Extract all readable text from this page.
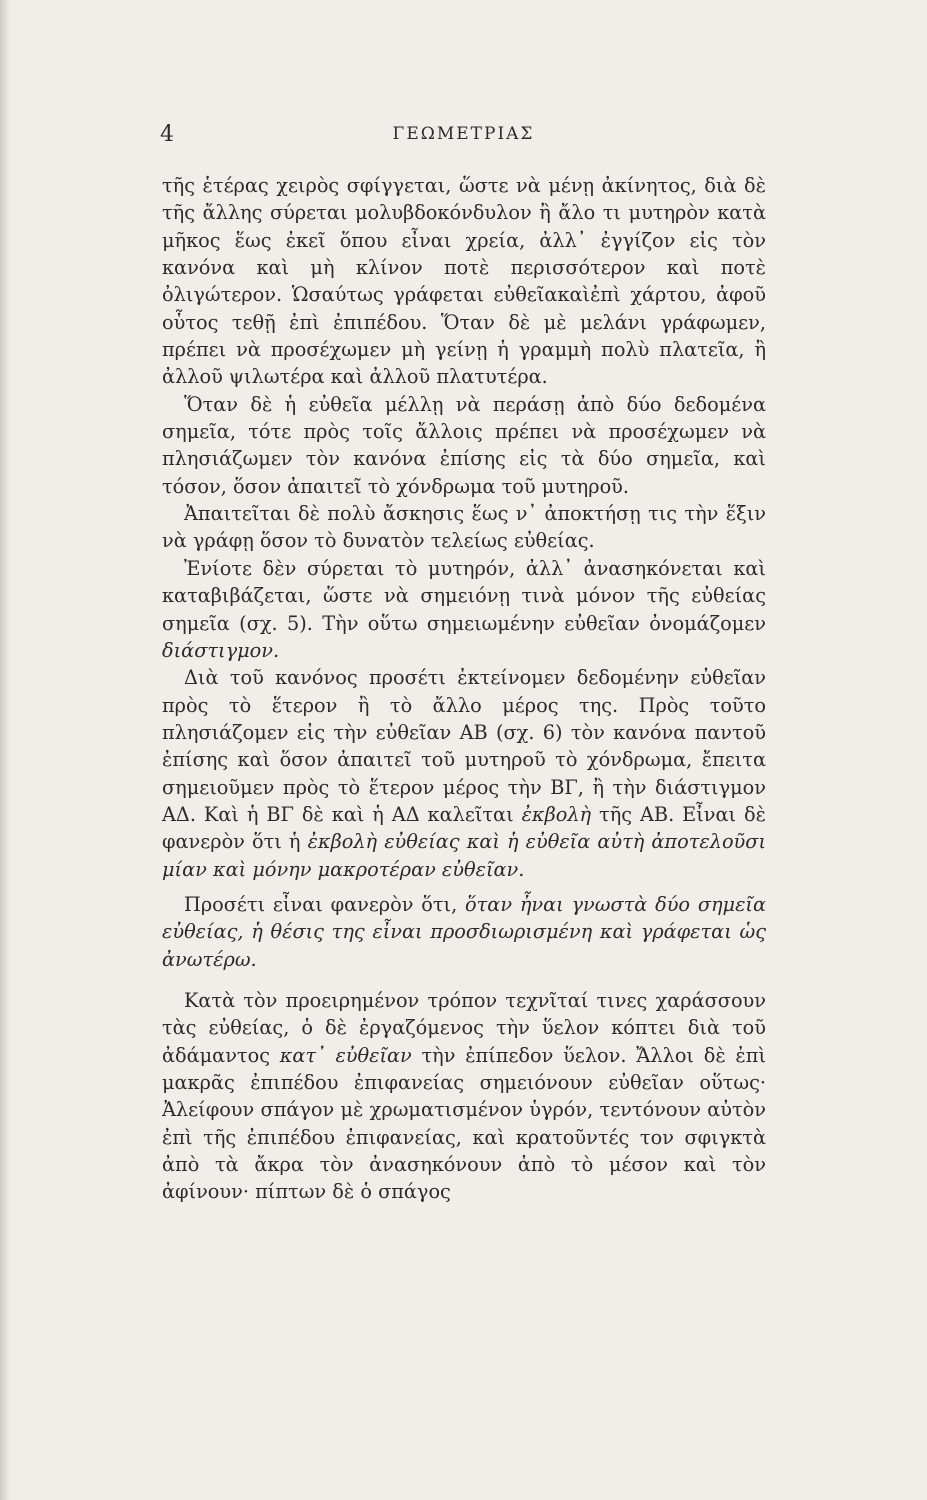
4	ΓΕΩΜΕΤΡΙΑΣ

τῆς ἑτέρας χειρὸς σφίγγεται, ὥστε νὰ μένῃ ἀκίνητος, διὰ δὲ τῆς ἄλλης σύρεται μολυβδοκόνδυλον ἢ ἄλο τι μυτηρὸν κατὰ μῆκος ἕως ἐκεῖ ὅπου εἶναι χρεία, ἀλλ᾽ ἐγγίζον εἰς τὸν κανόνα καὶ μὴ κλίνον ποτὲ περισσότερον καὶ ποτὲ ὀλιγώτερον. Ὡσαύτως γράφεται εὐθεῖακαὶἐπὶ χάρτου, ἀφοῦ οὗτος τεθῇ ἐπὶ ἐπιπέδου. Ὅταν δὲ μὲ μελάνι γράφωμεν, πρέπει νὰ προσέχωμεν μὴ γείνῃ ἡ γραμμὴ πολὺ πλατεῖα, ἢ ἀλλοῦ ψιλωτέρα καὶ ἀλλοῦ πλατυτέρα.

Ὅταν δὲ ἡ εὐθεῖα μέλλῃ νὰ περάσῃ ἀπὸ δύο δεδομένα σημεῖα, τότε πρὸς τοῖς ἄλλοις πρέπει νὰ προσέχωμεν νὰ πλησιάζωμεν τὸν κανόνα ἐπίσης εἰς τὰ δύο σημεῖα, καὶ τόσον, ὅσον ἀπαιτεῖ τὸ χόνδρωμα τοῦ μυτηροῦ.

Ἀπαιτεῖται δὲ πολὺ ἄσκησις ἕως ν᾽ ἀποκτήσῃ τις τὴν ἕξιν νὰ γράφῃ ὅσον τὸ δυνατὸν τελείως εὐθείας.

Ἐνίοτε δὲν σύρεται τὸ μυτηρόν, ἀλλ᾽ ἀνασηκόνεται καὶ καταβιβάζεται, ὥστε νὰ σημειόνῃ τινὰ μόνον τῆς εὐθείας σημεῖα (σχ. 5). Τὴν οὕτω σημειωμένην εὐθεῖαν ὀνομάζομεν διάστιγμον.

Διὰ τοῦ κανόνος προσέτι ἐκτείνομεν δεδομένην εὐθεῖαν πρὸς τὸ ἕτερον ἢ τὸ ἄλλο μέρος της. Πρὸς τοῦτο πλησιάζομεν εἰς τὴν εὐθεῖαν ΑΒ (σχ. 6) τὸν κανόνα παντοῦ ἐπίσης καὶ ὅσον ἀπαιτεῖ τοῦ μυτηροῦ τὸ χόνδρωμα, ἔπειτα σημειοῦμεν πρὸς τὸ ἕτερον μέρος τὴν ΒΓ, ἢ τὴν διάστιγμον ΑΔ. Καὶ ἡ ΒΓ δὲ καὶ ἡ ΑΔ καλεῖται ἐκβολὴ τῆς ΑΒ. Εἶναι δὲ φανερὸν ὅτι ἡ ἐκβολὴ εὐθείας καὶ ἡ εὐθεῖα αὐτὴ ἀποτελοῦσι μίαν καὶ μόνην μακροτέραν εὐθεῖαν.

Προσέτι εἶναι φανερὸν ὅτι, ὅταν ἦναι γνωστὰ δύο σημεῖα εὐθείας, ἡ θέσις της εἶναι προσδιωρισμένη καὶ γράφεται ὡς ἀνωτέρω.

Κατὰ τὸν προειρημένον τρόπον τεχνῖταί τινες χαράσσουν τὰς εὐθείας, ὁ δὲ ἐργαζόμενος τὴν ὕελον κόπτει διὰ τοῦ ἀδάμαντος κατ᾽ εὐθεῖαν τὴν ἐπίπεδον ὕελον. Ἄλλοι δὲ ἐπὶ μακρᾶς ἐπιπέδου ἐπιφανείας σημειόνουν εὐθεῖαν οὕτως· Ἀλείφουν σπάγον μὲ χρωματισμένον ὑγρόν, τεντόνουν αὐτὸν ἐπὶ τῆς ἐπιπέδου ἐπιφανείας, καὶ κρατοῦντές τον σφιγκτὰ ἀπὸ τὰ ἄκρα τὸν ἀνασηκόνουν ἀπὸ τὸ μέσον καὶ τὸν ἀφίνουν· πίπτων δὲ ὁ σπάγος
